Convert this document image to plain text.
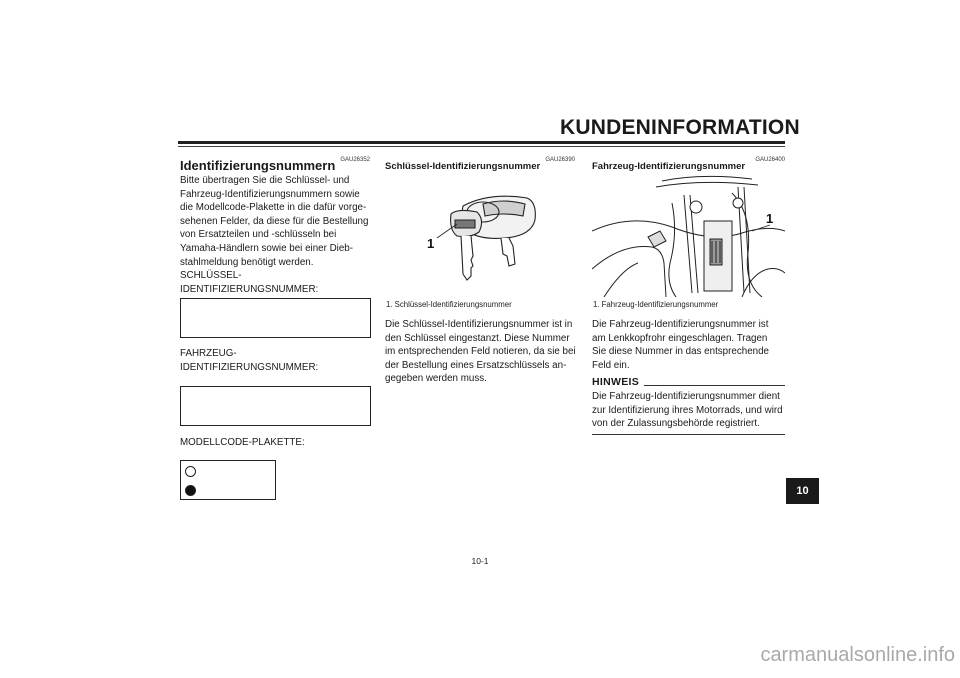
KUNDENINFORMATION
GAU26352
Identifizierungsnummern
Bitte übertragen Sie die Schlüssel- und
Fahrzeug-Identifizierungsnummern sowie
die Modellcode-Plakette in die dafür vorge-
sehenen Felder, da diese für die Bestellung
von Ersatzteilen und -schlüsseln bei
Yamaha-Händlern sowie bei einer Dieb-
stahlmeldung benötigt werden.
SCHLÜSSEL-
IDENTIFIZIERUNGSNUMMER:
FAHRZEUG-
IDENTIFIZIERUNGSNUMMER:
MODELLCODE-PLAKETTE:
GAU26390
Schlüssel-Identifizierungsnummer
1
1. Schlüssel-Identifizierungsnummer
Die Schlüssel-Identifizierungsnummer ist in
den Schlüssel eingestanzt. Diese Nummer
im entsprechenden Feld notieren, da sie bei
der Bestellung eines Ersatzschlüssels an-
gegeben werden muss.
GAU26400
Fahrzeug-Identifizierungsnummer
1
1. Fahrzeug-Identifizierungsnummer
Die Fahrzeug-Identifizierungsnummer ist
am Lenkkopfrohr eingeschlagen. Tragen
Sie diese Nummer in das entsprechende
Feld ein.
HINWEIS
Die Fahrzeug-Identifizierungsnummer dient
zur Identifizierung ihres Motorrads, und wird
von der Zulassungsbehörde registriert.
10
10-1
carmanualsonline.info
